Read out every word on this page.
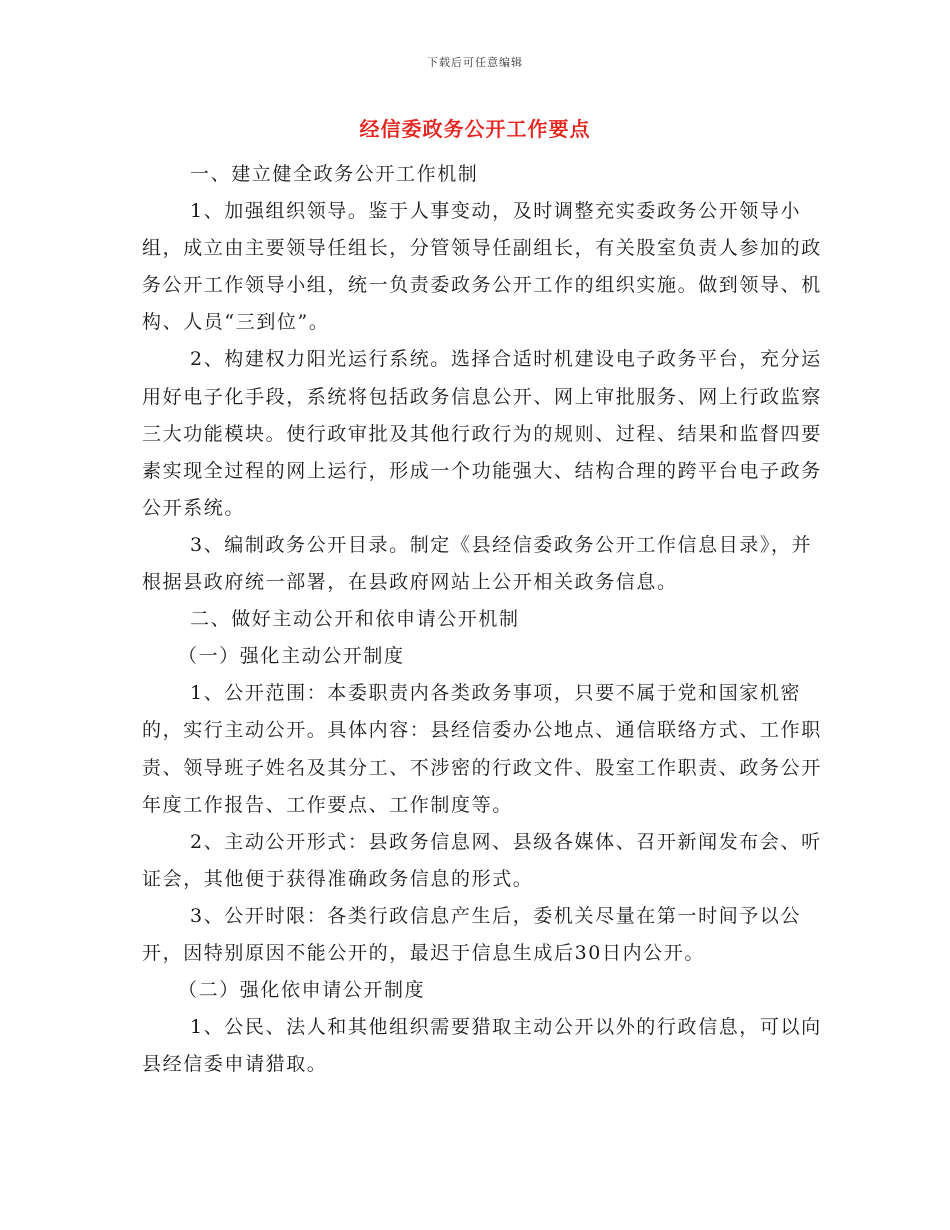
下载后可任意编辑
经信委政务公开工作要点

一、建立健全政务公开工作机制

1、加强组织领导。鉴于人事变动，及时调整充实委政务公开领导小组，成立由主要领导任组长，分管领导任副组长，有关股室负责人参加的政务公开工作领导小组，统一负责委政务公开工作的组织实施。做到领导、机构、人员“三到位”。

2、构建权力阳光运行系统。选择合适时机建设电子政务平台，充分运用好电子化手段，系统将包括政务信息公开、网上审批服务、网上行政监察三大功能模块。使行政审批及其他行政行为的规则、过程、结果和监督四要素实现全过程的网上运行，形成一个功能强大、结构合理的跨平台电子政务公开系统。

3、编制政务公开目录。制定《县经信委政务公开工作信息目录》，并根据县政府统一部署，在县政府网站上公开相关政务信息。

二、做好主动公开和依申请公开机制

（一）强化主动公开制度

1、公开范围：本委职责内各类政务事项，只要不属于党和国家机密的，实行主动公开。具体内容：县经信委办公地点、通信联络方式、工作职责、领导班子姓名及其分工、不涉密的行政文件、股室工作职责、政务公开年度工作报告、工作要点、工作制度等。

2、主动公开形式：县政务信息网、县级各媒体、召开新闻发布会、听证会，其他便于获得准确政务信息的形式。

3、公开时限：各类行政信息产生后，委机关尽量在第一时间予以公开，因特别原因不能公开的，最迟于信息生成后30日内公开。

（二）强化依申请公开制度

1、公民、法人和其他组织需要猎取主动公开以外的行政信息，可以向县经信委申请猎取。
